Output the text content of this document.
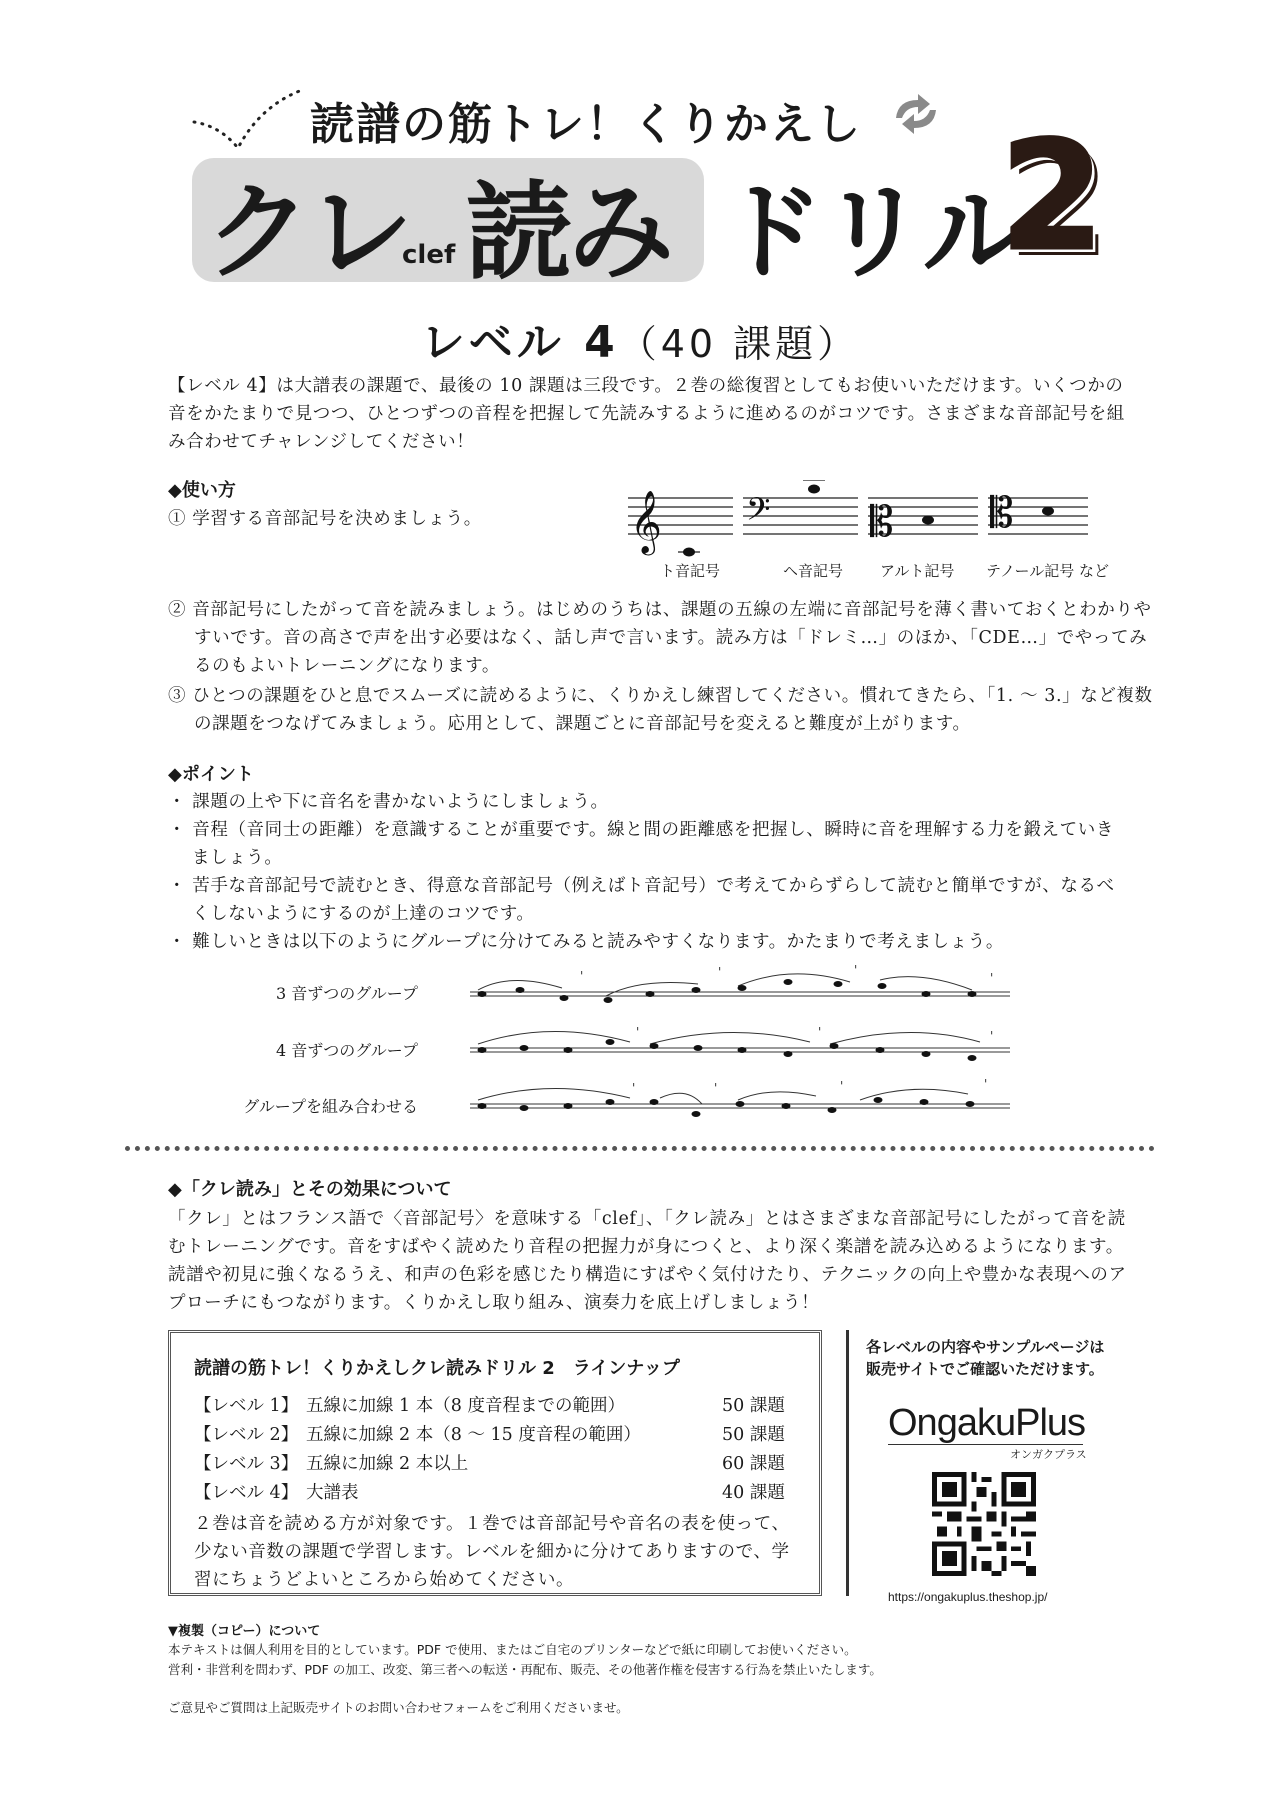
読譜の筋トレ！くりかえし
クレ
clef 読み ドリル
2
レベル 4（40 課題）
【レベル 4】は大譜表の課題で、最後の 10 課題は三段です。２巻の総復習としてもお使いいただけます。いくつかの音をかたまりで見つつ、ひとつずつの音程を把握して先読みするように進めるのがコツです。さまざまな音部記号を組み合わせてチャレンジしてください！
◆使い方
① 学習する音部記号を決めましょう。	𝄞 𝄢 𝄡 𝄡
ト音記号	ヘ音記号 アルト記号 テノール記号 など
② 音部記号にしたがって音を読みましょう。はじめのうちは、課題の五線の左端に音部記号を薄く書いておくとわかりやすいです。音の高さで声を出す必要はなく、話し声で言います。読み方は「ドレミ…」のほか、「CDE…」でやってみるのもよいトレーニングになります。
③ ひとつの課題をひと息でスムーズに読めるように、くりかえし練習してください。慣れてきたら、「1. ～ 3.」など複数の課題をつなげてみましょう。応用として、課題ごとに音部記号を変えると難度が上がります。
◆ポイント
・ 課題の上や下に音名を書かないようにしましょう。
・ 音程（音同士の距離）を意識することが重要です。線と間の距離感を把握し、瞬時に音を理解する力を鍛えていきましょう。
・ 苦手な音部記号で読むとき、得意な音部記号（例えばト音記号）で考えてからずらして読むと簡単ですが、なるべくしないようにするのが上達のコツです。
・ 難しいときは以下のようにグループに分けてみると読みやすくなります。かたまりで考えましょう。
3 音ずつのグループ
4 音ずつのグループ
グループを組み合わせる
'	'	'
'
'	'	'
'	'	'	'
◆「クレ読み」とその効果について
「クレ」とはフランス語で〈音部記号〉を意味する「clef」、「クレ読み」とはさまざまな音部記号にしたがって音を読むトレーニングです。音をすばやく読めたり音程の把握力が身につくと、より深く楽譜を読み込めるようになります。読譜や初見に強くなるうえ、和声の色彩を感じたり構造にすばやく気付けたり、テクニックの向上や豊かな表現へのアプローチにもつながります。くりかえし取り組み、演奏力を底上げしましょう！
読譜の筋トレ！くりかえしクレ読みドリル 2　ラインナップ
【レベル 1】 五線に加線 1 本（8 度音程までの範囲）	50 課題
【レベル 2】 五線に加線 2 本（8 ～ 15 度音程の範囲）	50 課題
【レベル 3】 五線に加線 2 本以上	60 課題
【レベル 4】 大譜表	40 課題
２巻は音を読める方が対象です。１巻では音部記号や音名の表を使って、少ない音数の課題で学習します。レベルを細かに分けてありますので、学習にちょうどよいところから始めてください。
各レベルの内容やサンプルページは販売サイトでご確認いただけます。
OngakuPlus
オンガクプラス
https://ongakuplus.theshop.jp/
▼複製（コピー）について
本テキストは個人利用を目的としています。PDF で使用、またはご自宅のプリンターなどで紙に印刷してお使いください。
営利・非営利を問わず、PDF の加工、改変、第三者への転送・再配布、販売、その他著作権を侵害する行為を禁止いたします。
ご意見やご質問は上記販売サイトのお問い合わせフォームをご利用くださいませ。
